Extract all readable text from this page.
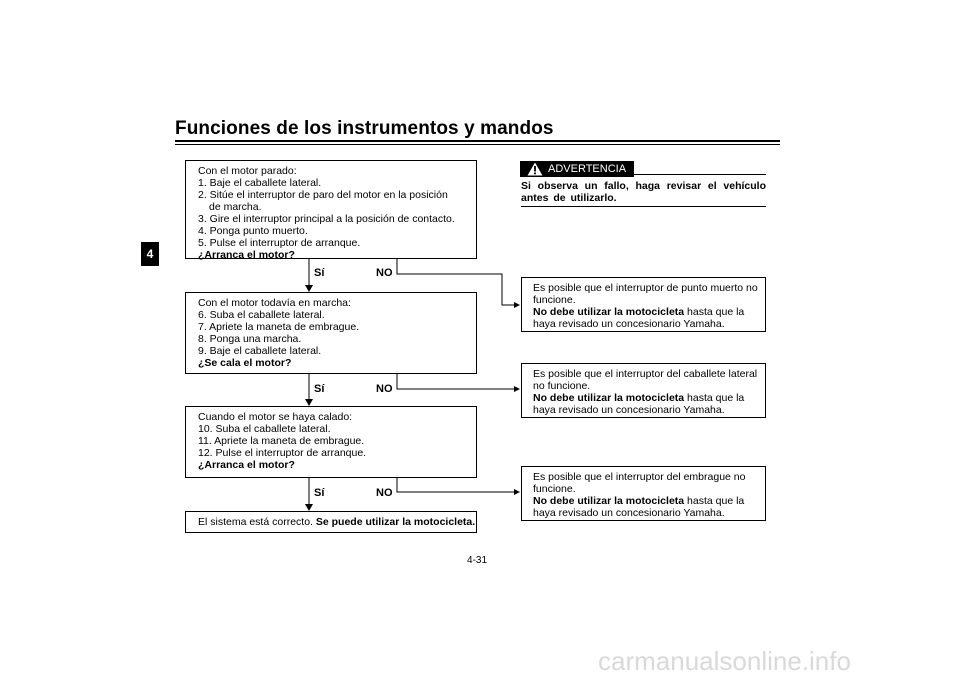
Funciones de los instrumentos y mandos
4
Con el motor parado:
1. Baje el caballete lateral.
2. Sitúe el interruptor de paro del motor en la posición
de marcha.
3. Gire el interruptor principal a la posición de contacto.
4. Ponga punto muerto.
5. Pulse el interruptor de arranque.
¿Arranca el motor?
Sí	NO
Con el motor todavía en marcha:
6. Suba el caballete lateral.
7. Apriete la maneta de embrague.
8. Ponga una marcha.
9. Baje el caballete lateral.
¿Se cala el motor?
Sí	NO
Cuando el motor se haya calado:
10. Suba el caballete lateral.
11. Apriete la maneta de embrague.
12. Pulse el interruptor de arranque.
¿Arranca el motor?
Sí	NO
El sistema está correcto. Se puede utilizar la motocicleta.
ADVERTENCIA
Si observa un fallo, haga revisar el vehículo antes de utilizarlo.
Es posible que el interruptor de punto muerto no
funcione.
No debe utilizar la motocicleta hasta que la
haya revisado un concesionario Yamaha.
Es posible que el interruptor del caballete lateral
no funcione.
No debe utilizar la motocicleta hasta que la
haya revisado un concesionario Yamaha.
Es posible que el interruptor del embrague no
funcione.
No debe utilizar la motocicleta hasta que la
haya revisado un concesionario Yamaha.
4-31
carmanualsonline.info
